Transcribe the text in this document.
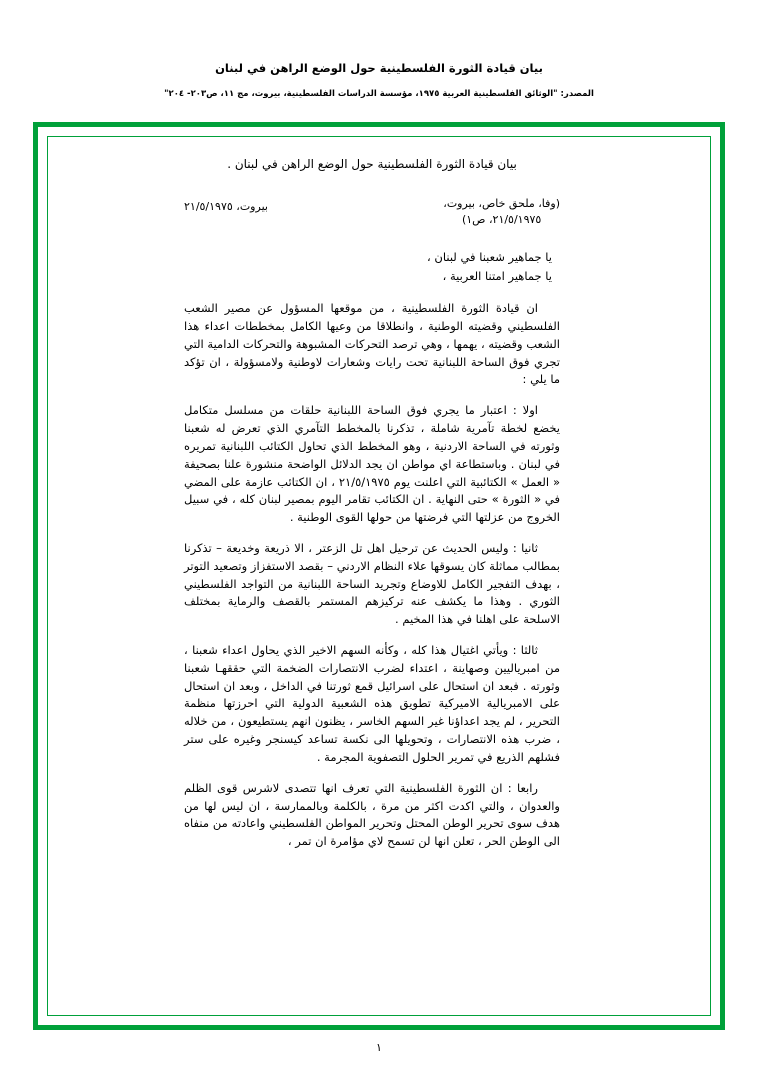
بيان قيادة الثورة الفلسطينية حول الوضع الراهن في لبنان
المصدر: "الوثائق الفلسطينية العربية ١٩٧٥، مؤسسة الدراسات الفلسطينية، بيروت، مج ١١، ص٢٠٣- ٢٠٤"
بيان قيادة الثورة الفلسطينية حول الوضع الراهن في لبنان .
بيروت، ٢١/٥/١٩٧٥	(وفا، ملحق خاص، بيروت،
٢١/٥/١٩٧٥، ص١)
يا جماهير شعبنا في لبنان ،
يا جماهير امتنا العربية ،

ان قيادة الثورة الفلسطينية ، من موقعها المسؤول عن مصير الشعب الفلسطيني وقضيته الوطنية ، وانطلاقا من وعيها الكامل بمخططات اعداء هذا الشعب وقضيته ، يهمها ، وهي ترصد التحركات المشبوهة والتحركات الدامية التي تجري فوق الساحة اللبنانية تحت رايات وشعارات لاوطنية ولامسؤولة ، ان تؤكد ما يلي :

اولا : اعتبار ما يجري فوق الساحة اللبنانية حلقات من مسلسل متكامل يخضع لخطة تآمرية شاملة ، تذكرنا بالمخطط التآمري الذي تعرض له شعبنا وثورته في الساحة الاردنية ، وهو المخطط الذي تحاول الكتائب اللبنانية تمريره في لبنان . وباستطاعة اي مواطن ان يجد الدلائل الواضحة منشورة علنا بصحيفة « العمل » الكتائبية التي اعلنت يوم ٢١/٥/١٩٧٥ ، ان الكتائب عازمة على المضي في « الثورة » حتى النهاية . ان الكتائب تقامر اليوم بمصير لبنان كله ، في سبيل الخروج من عزلتها التي فرضتها من حولها القوى الوطنية .

ثانيا : وليس الحديث عن ترحيل اهل تل الزعتر ، الا ذريعة وخديعة – تذكرنا بمطالب مماثلة كان يسوقها علاء النظام الاردني – بقصد الاستفزاز وتصعيد التوتر ، بهدف التفجير الكامل للاوضاع وتجريد الساحة اللبنانية من التواجد الفلسطيني الثوري . وهذا ما يكشف عنه تركيزهم المستمر بالقصف والرماية بمختلف الاسلحة على اهلنا في هذا المخيم .

ثالثا : ويأتي اغتيال هذا كله ، وكأنه السهم الاخير الذي يحاول اعداء شعبنا ، من امبرياليين وصهاينة ، اعتداء لضرب الانتصارات الضخمة التي حققهـا شعبنا وثورته . فبعد ان استحال على اسرائيل قمع ثورتنا في الداخل ، وبعد ان استحال على الامبريالية الاميركية تطويق هذه الشعبية الدولية التي احرزتها منظمة التحرير ، لم يجد اعداؤنا غير السهم الخاسر ، يظنون انهم يستطيعون ، من خلاله ، ضرب هذه الانتصارات ، وتحويلها الى نكسة تساعد كيسنجر وغيره على ستر فشلهم الذريع في تمرير الحلول التصفوية المجرمة .

رابعا : ان الثورة الفلسطينية التي تعرف انها تتصدى لاشرس قوى الظلم والعدوان ، والتي اكدت اكثر من مرة ، بالكلمة وبالممارسة ، ان ليس لها من هدف سوى تحرير الوطن المحتل وتحرير المواطن الفلسطيني واعادته من منفاه الى الوطن الحر ، تعلن انها لن تسمح لاي مؤامرة ان تمر ،

١
